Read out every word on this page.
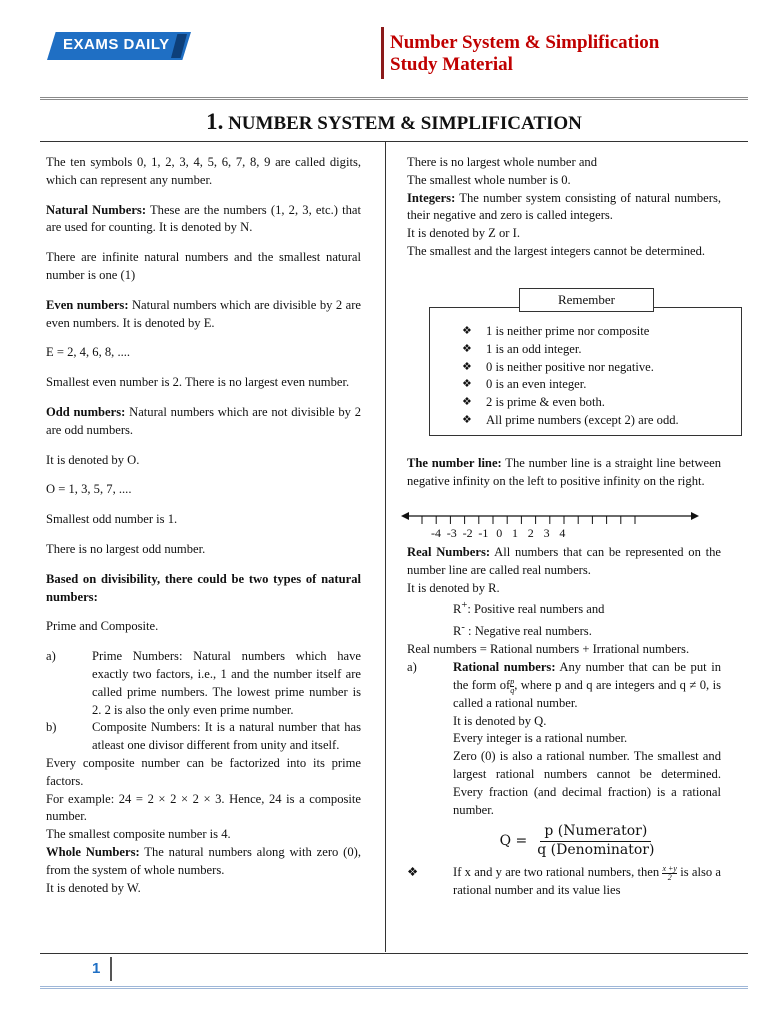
EXAMS DAILY	Number System & Simplification
Study Material
1. NUMBER SYSTEM & SIMPLIFICATION

The ten symbols 0, 1, 2, 3, 4, 5, 6, 7, 8, 9 are called digits, which can represent any number.

Natural Numbers: These are the numbers (1, 2, 3, etc.) that are used for counting. It is denoted by N.

There are infinite natural numbers and the smallest natural number is one (1)

Even numbers: Natural numbers which are divisible by 2 are even numbers. It is denoted by E.

E = 2, 4, 6, 8, ....

Smallest even number is 2. There is no largest even number.

Odd numbers: Natural numbers which are not divisible by 2 are odd numbers.

It is denoted by O.

O = 1, 3, 5, 7, ....

Smallest odd number is 1.

There is no largest odd number.

Based on divisibility, there could be two types of natural numbers:

Prime and Composite.

a)	Prime Numbers: Natural numbers which have exactly two factors, i.e., 1 and the number itself are called prime numbers. The lowest prime number is 2. 2 is also the only even prime number.
b)	Composite Numbers: It is a natural number that has atleast one divisor different from unity and itself.

Every composite number can be factorized into its prime factors.

For example: 24 = 2 × 2 × 2 × 3. Hence, 24 is a composite number.

The smallest composite number is 4.

Whole Numbers: The natural numbers along with zero (0), from the system of whole numbers.

It is denoted by W.

There is no largest whole number and

The smallest whole number is 0.

Integers: The number system consisting of natural numbers, their negative and zero is called integers.

It is denoted by Z or I.

The smallest and the largest integers cannot be determined.

Remember
❖	1 is neither prime nor composite
❖	1 is an odd integer.
❖	0 is neither positive nor negative.
❖	0 is an even integer.
❖	2 is prime & even both.
❖	All prime numbers (except 2) are odd.

The number line: The number line is a straight line between negative infinity on the left to positive infinity on the right.

-4 -3 -2 -1 0 1 2 3 4

Real Numbers: All numbers that can be represented on the number line are called real numbers.

It is denoted by R.

R+: Positive real numbers and

R- : Negative real numbers.

Real numbers = Rational numbers + Irrational numbers.

a)	Rational numbers: Any number that can be put in the form of $\frac{p}{q}$ , where p and q are integers and q ≠ 0, is called a rational number.

It is denoted by Q.

Every integer is a rational number.

Zero (0) is also a rational number. The smallest and largest rational numbers cannot be determined. Every fraction (and decimal fraction) is a rational number.

Q =
p (Numerator)
q (Denominator)
❖	If x and y are two rational numbers, then $\frac{x +y}{2}$ is also a rational number and its value lies

1
